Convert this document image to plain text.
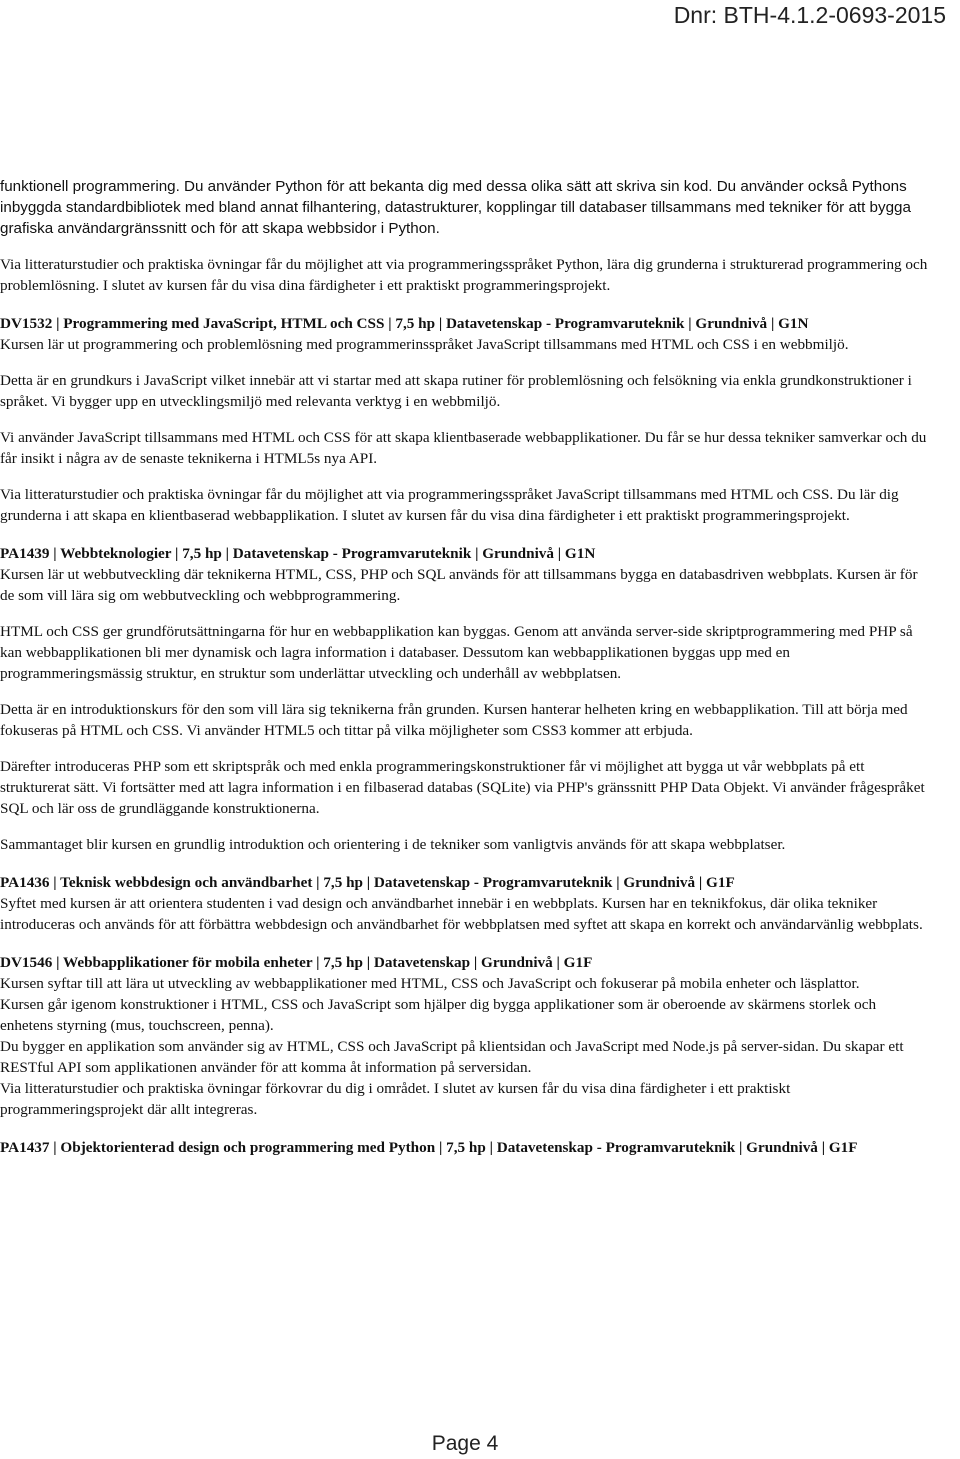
Dnr: BTH-4.1.2-0693-2015

funktionell programmering. Du använder Python för att bekanta dig med dessa olika sätt att skriva sin kod. Du använder också Pythons inbyggda standardbibliotek med bland annat filhantering, datastrukturer, kopplingar till databaser tillsammans med tekniker för att bygga grafiska användargränssnitt och för att skapa webbsidor i Python.

Via litteraturstudier och praktiska övningar får du möjlighet att via programmeringsspråket Python, lära dig grunderna i strukturerad programmering och problemlösning. I slutet av kursen får du visa dina färdigheter i ett praktiskt programmeringsprojekt.

DV1532 | Programmering med JavaScript, HTML och CSS | 7,5 hp | Datavetenskap - Programvaruteknik | Grundnivå | G1N

Kursen lär ut programmering och problemlösning med programmerinsspråket JavaScript tillsammans med HTML och CSS i en webbmiljö.

Detta är en grundkurs i JavaScript vilket innebär att vi startar med att skapa rutiner för problemlösning och felsökning via enkla grundkonstruktioner i språket. Vi bygger upp en utvecklingsmiljö med relevanta verktyg i en webbmiljö.

Vi använder JavaScript tillsammans med HTML och CSS för att skapa klientbaserade webbapplikationer. Du får se hur dessa tekniker samverkar och du får insikt i några av de senaste teknikerna i HTML5s nya API.

Via litteraturstudier och praktiska övningar får du möjlighet att via programmeringsspråket JavaScript tillsammans med HTML och CSS. Du lär dig grunderna i att skapa en klientbaserad webbapplikation. I slutet av kursen får du visa dina färdigheter i ett praktiskt programmeringsprojekt.

PA1439 | Webbteknologier | 7,5 hp | Datavetenskap - Programvaruteknik | Grundnivå | G1N

Kursen lär ut webbutveckling där teknikerna HTML, CSS, PHP och SQL används för att tillsammans bygga en databasdriven webbplats. Kursen är för de som vill lära sig om webbutveckling och webbprogrammering.

HTML och CSS ger grundförutsättningarna för hur en webbapplikation kan byggas. Genom att använda server-side skriptprogrammering med PHP så kan webbapplikationen bli mer dynamisk och lagra information i databaser. Dessutom kan webbapplikationen byggas upp med en programmeringsmässig struktur, en struktur som underlättar utveckling och underhåll av webbplatsen.

Detta är en introduktionskurs för den som vill lära sig teknikerna från grunden. Kursen hanterar helheten kring en webbapplikation. Till att börja med fokuseras på HTML och CSS. Vi använder HTML5 och tittar på vilka möjligheter som CSS3 kommer att erbjuda.

Därefter introduceras PHP som ett skriptspråk och med enkla programmeringskonstruktioner får vi möjlighet att bygga ut vår webbplats på ett strukturerat sätt. Vi fortsätter med att lagra information i en filbaserad databas (SQLite) via PHP's gränssnitt PHP Data Objekt. Vi använder frågespråket SQL och lär oss de grundläggande konstruktionerna.

Sammantaget blir kursen en grundlig introduktion och orientering i de tekniker som vanligtvis används för att skapa webbplatser.

PA1436 | Teknisk webbdesign och användbarhet | 7,5 hp | Datavetenskap - Programvaruteknik | Grundnivå | G1F

Syftet med kursen är att orientera studenten i vad design och användbarhet innebär i en webbplats. Kursen har en teknikfokus, där olika tekniker introduceras och används för att förbättra webbdesign och användbarhet för webbplatsen med syftet att skapa en korrekt och användarvänlig webbplats.

DV1546 | Webbapplikationer för mobila enheter | 7,5 hp | Datavetenskap | Grundnivå | G1F

Kursen syftar till att lära ut utveckling av webbapplikationer med HTML, CSS och JavaScript och fokuserar på mobila enheter och läsplattor.

Kursen går igenom konstruktioner i HTML, CSS och JavaScript som hjälper dig bygga applikationer som är oberoende av skärmens storlek och enhetens styrning (mus, touchscreen, penna).

Du bygger en applikation som använder sig av HTML, CSS och JavaScript på klientsidan och JavaScript med Node.js på server-sidan. Du skapar ett RESTful API som applikationen använder för att komma åt information på serversidan.

Via litteraturstudier och praktiska övningar förkovrar du dig i området. I slutet av kursen får du visa dina färdigheter i ett praktiskt programmeringsprojekt där allt integreras.

PA1437 | Objektorienterad design och programmering med Python | 7,5 hp | Datavetenskap - Programvaruteknik | Grundnivå | G1F

Page 4
